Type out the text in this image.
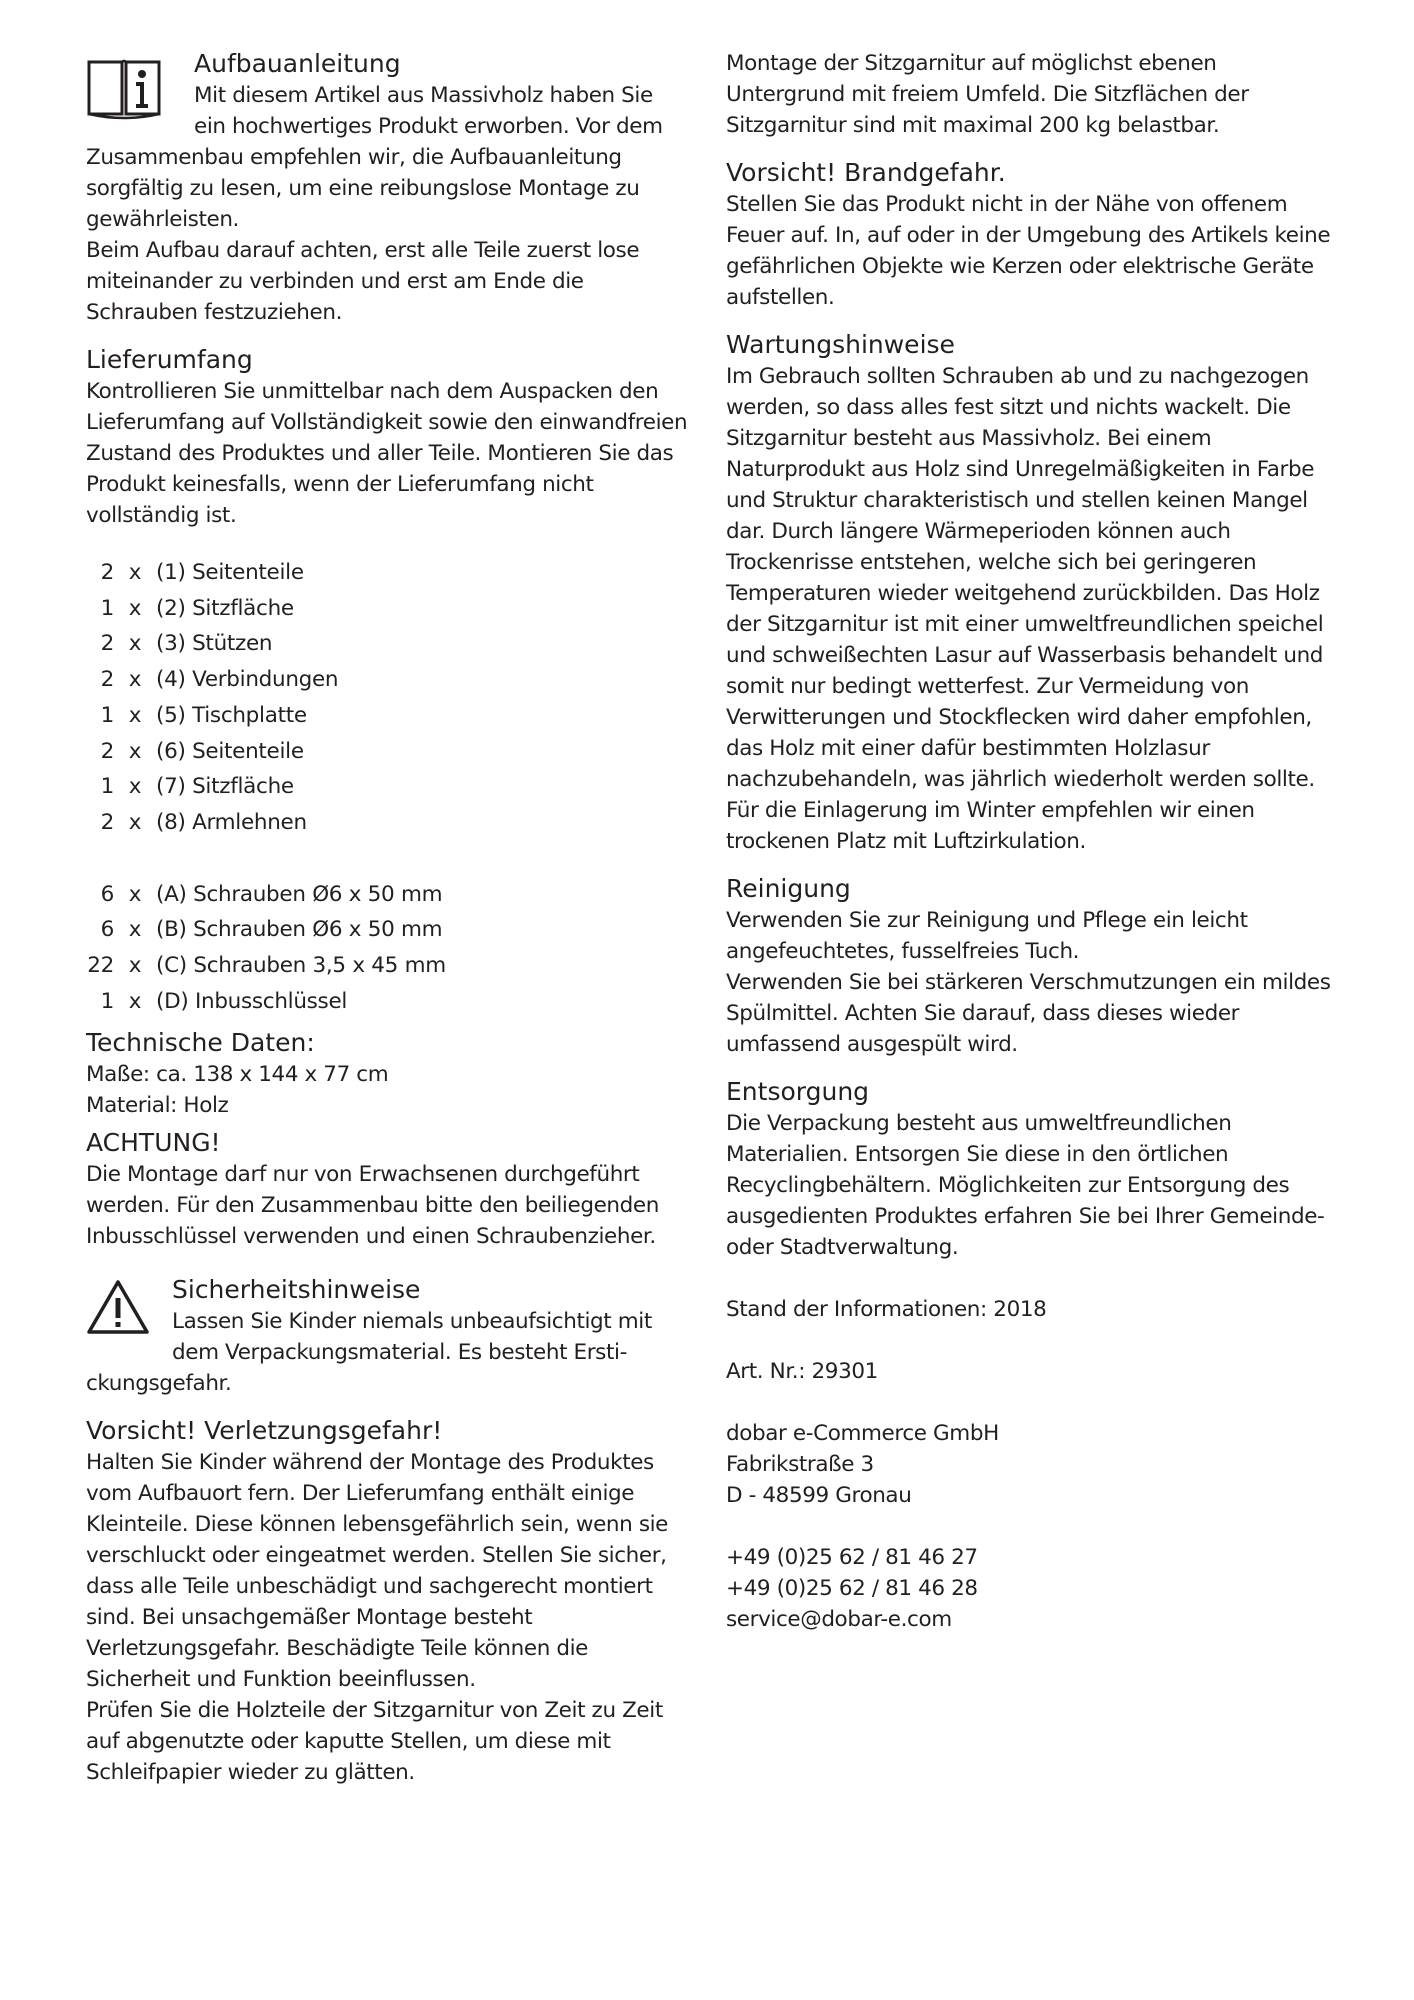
Aufbauanleitung

Mit diesem Artikel aus Massivholz haben Sie

ein hochwertiges Produkt erworben. Vor dem

Zusammenbau empfehlen wir, die Aufbauanleitung sorgfältig zu lesen, um eine reibungslose Montage zu gewährleisten.

Beim Aufbau darauf achten, erst alle Teile zuerst lose miteinander zu verbinden und erst am Ende die Schrauben festzuziehen.

Lieferumfang

Kontrollieren Sie unmittelbar nach dem Auspacken den Lieferumfang auf Vollständigkeit sowie den einwandfreien Zustand des Produktes und aller Teile. Montieren Sie das Produkt keinesfalls, wenn der Lieferumfang nicht vollständig ist.

2 x (1) Seitenteile
1 x (2) Sitzfläche
2 x (3) Stützen
2 x (4) Verbindungen
1 x (5) Tischplatte
2 x (6) Seitenteile
1 x (7) Sitzfläche
2 x (8) Armlehnen
6 x (A) Schrauben Ø6 x 50 mm
6 x (B) Schrauben Ø6 x 50 mm
22 x (C) Schrauben 3,5 x 45 mm
1 x (D) Inbusschlüssel
Technische Daten:

Maße: ca. 138 x 144 x 77 cm

Material: Holz

ACHTUNG!

Die Montage darf nur von Erwachsenen durchgeführt werden. Für den Zusammenbau bitte den beiliegenden Inbusschlüssel verwenden und einen Schraubenzieher.

Sicherheitshinweise

Lassen Sie Kinder niemals unbeaufsichtigt mit

dem Verpackungsmaterial. Es besteht Ersti-

ckungsgefahr.

Vorsicht! Verletzungsgefahr!

Halten Sie Kinder während der Montage des Produktes vom Aufbauort fern. Der Lieferumfang enthält einige Kleinteile. Diese können lebensgefährlich sein, wenn sie verschluckt oder eingeatmet werden. Stellen Sie sicher, dass alle Teile unbeschädigt und sachgerecht montiert sind. Bei unsachgemäßer Montage besteht Verletzungsgefahr. Beschädigte Teile können die Sicherheit und Funktion beeinflussen.

Prüfen Sie die Holzteile der Sitzgarnitur von Zeit zu Zeit auf abgenutzte oder kaputte Stellen, um diese mit Schleifpapier wieder zu glätten.

Montage der Sitzgarnitur auf möglichst ebenen Untergrund mit freiem Umfeld. Die Sitzflächen der Sitzgarnitur sind mit maximal 200 kg belastbar.

Vorsicht! Brandgefahr.

Stellen Sie das Produkt nicht in der Nähe von offenem Feuer auf. In, auf oder in der Umgebung des Artikels keine gefährlichen Objekte wie Kerzen oder elektrische Geräte aufstellen.

Wartungshinweise

Im Gebrauch sollten Schrauben ab und zu nachgezogen werden, so dass alles fest sitzt und nichts wackelt. Die Sitzgarnitur besteht aus Massivholz. Bei einem Naturprodukt aus Holz sind Unregelmäßigkeiten in Farbe und Struktur charakteristisch und stellen keinen Mangel dar. Durch längere Wärmeperioden können auch Trockenrisse entstehen, welche sich bei geringeren Temperaturen wieder weitgehend zurückbilden. Das Holz der Sitzgarnitur ist mit einer umweltfreundlichen speichel und schweißechten Lasur auf Wasserbasis behandelt und somit nur bedingt wetterfest. Zur Vermeidung von Verwitterungen und Stockflecken wird daher empfohlen, das Holz mit einer dafür bestimmten Holzlasur nachzubehandeln, was jährlich wiederholt werden sollte.

Für die Einlagerung im Winter empfehlen wir einen trockenen Platz mit Luftzirkulation.

Reinigung

Verwenden Sie zur Reinigung und Pflege ein leicht angefeuchtetes, fusselfreies Tuch.

Verwenden Sie bei stärkeren Verschmutzungen ein mildes Spülmittel. Achten Sie darauf, dass dieses wieder umfassend ausgespült wird.

Entsorgung

Die Verpackung besteht aus umweltfreundlichen Materialien. Entsorgen Sie diese in den örtlichen Recyclingbehältern. Möglichkeiten zur Entsorgung des ausgedienten Produktes erfahren Sie bei Ihrer Gemeinde- oder Stadtverwaltung.

Stand der Informationen: 2018

Art. Nr.: 29301

dobar e-Commerce GmbH

Fabrikstraße 3

D - 48599 Gronau

+49 (0)25 62 / 81 46 27

+49 (0)25 62 / 81 46 28

service@dobar-e.com
